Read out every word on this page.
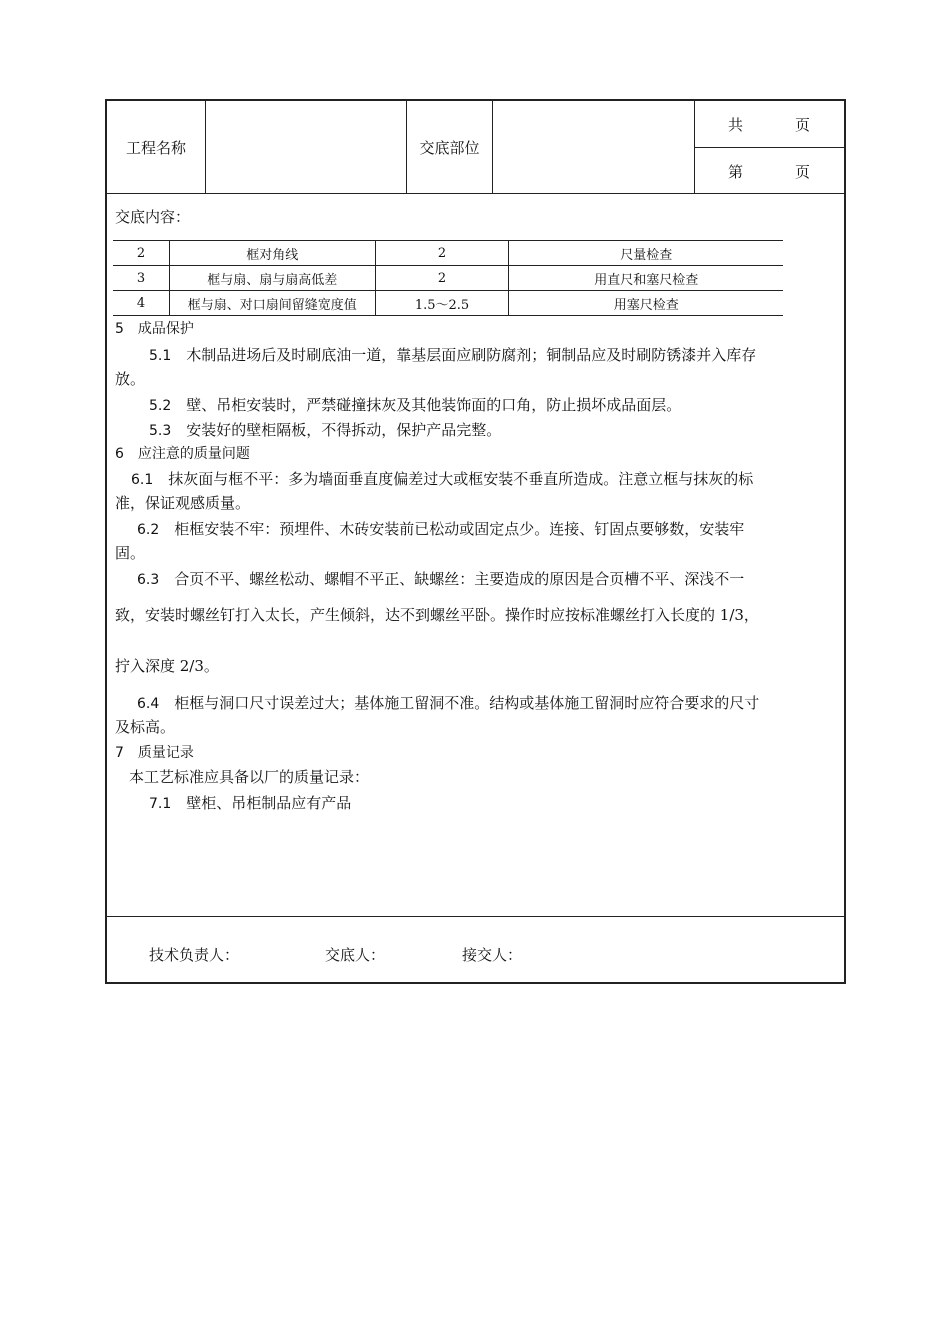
工程名称	交底部位
共	页
第	页
交底内容：
2	框对角线	2	尺量检查
3	框与扇、扇与扇高低差	2	用直尺和塞尺检查
4	框与扇、对口扇间留缝宽度值	1.5～2.5	用塞尺检查
5　成品保护
5.1　木制品进场后及时刷底油一道，靠基层面应刷防腐剂；铜制品应及时刷防锈漆并入库存
放。
5.2　壁、吊柜安装时，严禁碰撞抹灰及其他装饰面的口角，防止损坏成品面层。
5.3　安装好的壁柜隔板，不得拆动，保护产品完整。
6　应注意的质量问题
6.1　抹灰面与框不平：多为墙面垂直度偏差过大或框安装不垂直所造成。注意立框与抹灰的标
准，保证观感质量。
6.2　柜框安装不牢：预埋件、木砖安装前已松动或固定点少。连接、钉固点要够数，安装牢
固。
6.3　合页不平、螺丝松动、螺帽不平正、缺螺丝：主要造成的原因是合页槽不平、深浅不一
致，安装时螺丝钉打入太长，产生倾斜，达不到螺丝平卧。操作时应按标准螺丝打入长度的 1/3，
拧入深度 2/3。
6.4　柜框与洞口尺寸误差过大；基体施工留洞不准。结构或基体施工留洞时应符合要求的尺寸
及标高。
7　质量记录
本工艺标准应具备以厂的质量记录：
7.1　壁柜、吊柜制品应有产品
技术负责人：	交底人：	接交人：
